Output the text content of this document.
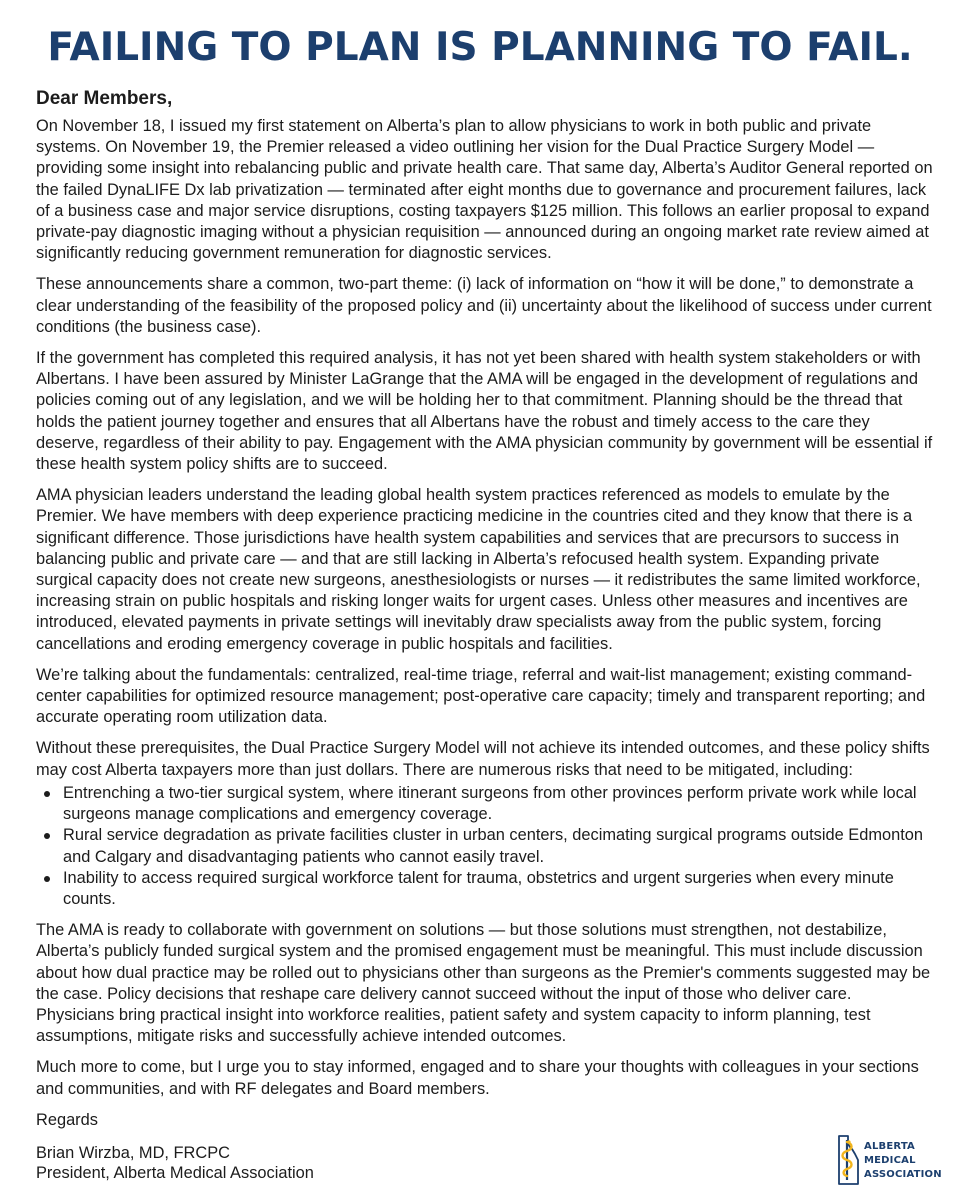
FAILING TO PLAN IS PLANNING TO FAIL.

Dear Members,

On November 18, I issued my first statement on Alberta’s plan to allow physicians to work in both public and private systems. On November 19, the Premier released a video outlining her vision for the Dual Practice Surgery Model — providing some insight into rebalancing public and private health care. That same day, Alberta’s Auditor General reported on the failed DynaLIFE Dx lab privatization — terminated after eight months due to governance and procurement failures, lack of a business case and major service disruptions, costing taxpayers $125 million. This follows an earlier proposal to expand private-pay diagnostic imaging without a physician requisition — announced during an ongoing market rate review aimed at significantly reducing government remuneration for diagnostic services.

These announcements share a common, two-part theme: (i) lack of information on “how it will be done,” to demonstrate a clear understanding of the feasibility of the proposed policy and (ii) uncertainty about the likelihood of success under current conditions (the business case).

If the government has completed this required analysis, it has not yet been shared with health system stakeholders or with Albertans. I have been assured by Minister LaGrange that the AMA will be engaged in the development of regulations and policies coming out of any legislation, and we will be holding her to that commitment. Planning should be the thread that holds the patient journey together and ensures that all Albertans have the robust and timely access to the care they deserve, regardless of their ability to pay. Engagement with the AMA physician community by government will be essential if these health system policy shifts are to succeed.

AMA physician leaders understand the leading global health system practices referenced as models to emulate by the Premier. We have members with deep experience practicing medicine in the countries cited and they know that there is a significant difference. Those jurisdictions have health system capabilities and services that are precursors to success in balancing public and private care — and that are still lacking in Alberta’s refocused health system. Expanding private surgical capacity does not create new surgeons, anesthesiologists or nurses — it redistributes the same limited workforce, increasing strain on public hospitals and risking longer waits for urgent cases. Unless other measures and incentives are introduced, elevated payments in private settings will inevitably draw specialists away from the public system, forcing cancellations and eroding emergency coverage in public hospitals and facilities.

We’re talking about the fundamentals: centralized, real-time triage, referral and wait-list management; existing command-center capabilities for optimized resource management; post-operative care capacity; timely and transparent reporting; and accurate operating room utilization data.

Without these prerequisites, the Dual Practice Surgery Model will not achieve its intended outcomes, and these policy shifts may cost Alberta taxpayers more than just dollars. There are numerous risks that need to be mitigated, including:

Entrenching a two-tier surgical system, where itinerant surgeons from other provinces perform private work while local surgeons manage complications and emergency coverage.
Rural service degradation as private facilities cluster in urban centers, decimating surgical programs outside Edmonton and Calgary and disadvantaging patients who cannot easily travel.
Inability to access required surgical workforce talent for trauma, obstetrics and urgent surgeries when every minute counts.

The AMA is ready to collaborate with government on solutions — but those solutions must strengthen, not destabilize, Alberta’s publicly funded surgical system and the promised engagement must be meaningful. This must include discussion about how dual practice may be rolled out to physicians other than surgeons as the Premier's comments suggested may be the case. Policy decisions that reshape care delivery cannot succeed without the input of those who deliver care. Physicians bring practical insight into workforce realities, patient safety and system capacity to inform planning, test assumptions, mitigate risks and successfully achieve intended outcomes.

Much more to come, but I urge you to stay informed, engaged and to share your thoughts with colleagues in your sections and communities, and with RF delegates and Board members.

Regards

Brian Wirzba, MD, FRCPC

President, Alberta Medical Association

ALBERTA
MEDICAL
ASSOCIATION
